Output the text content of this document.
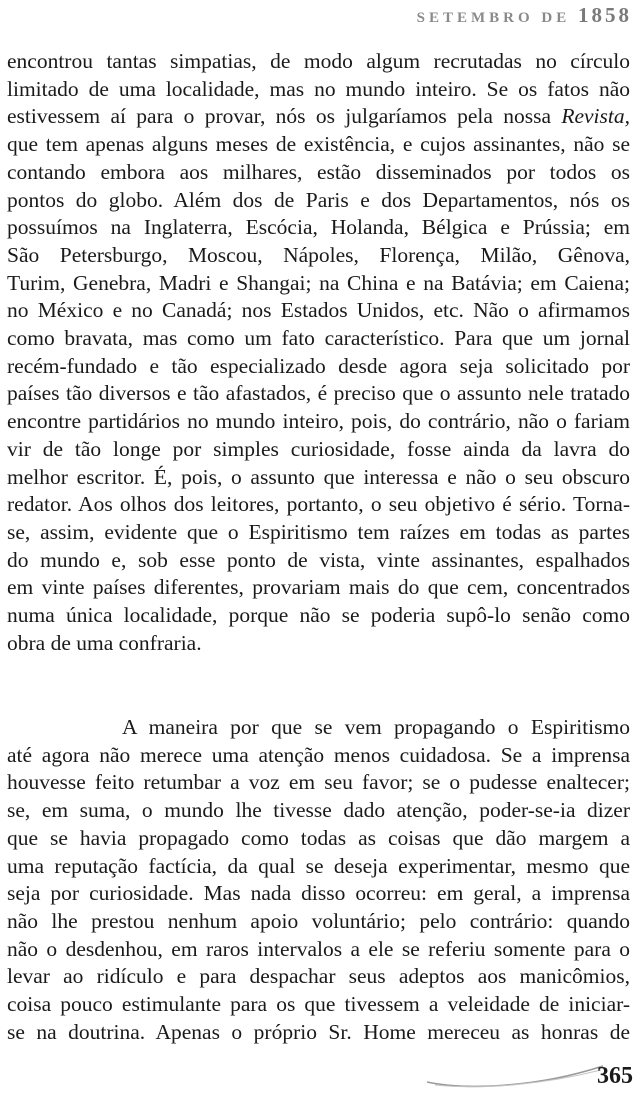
SETEMBRO DE 1858
encontrou tantas simpatias, de modo algum recrutadas no círculo
limitado de uma localidade, mas no mundo inteiro. Se os fatos não
estivessem aí para o provar, nós os julgaríamos pela nossa Revista,
que tem apenas alguns meses de existência, e cujos assinantes, não se
contando embora aos milhares, estão disseminados por todos os
pontos do globo. Além dos de Paris e dos Departamentos, nós os
possuímos na Inglaterra, Escócia, Holanda, Bélgica e Prússia; em
São Petersburgo, Moscou, Nápoles, Florença, Milão, Gênova,
Turim, Genebra, Madri e Shangai; na China e na Batávia; em Caiena;
no México e no Canadá; nos Estados Unidos, etc. Não o afirmamos
como bravata, mas como um fato característico. Para que um jornal
recém-fundado e tão especializado desde agora seja solicitado por
países tão diversos e tão afastados, é preciso que o assunto nele tratado
encontre partidários no mundo inteiro, pois, do contrário, não o fariam
vir de tão longe por simples curiosidade, fosse ainda da lavra do
melhor escritor. É, pois, o assunto que interessa e não o seu obscuro
redator. Aos olhos dos leitores, portanto, o seu objetivo é sério. Torna-
se, assim, evidente que o Espiritismo tem raízes em todas as partes
do mundo e, sob esse ponto de vista, vinte assinantes, espalhados
em vinte países diferentes, provariam mais do que cem, concentrados
numa única localidade, porque não se poderia supô-lo senão como
obra de uma confraria.
A maneira por que se vem propagando o Espiritismo
até agora não merece uma atenção menos cuidadosa. Se a imprensa
houvesse feito retumbar a voz em seu favor; se o pudesse enaltecer;
se, em suma, o mundo lhe tivesse dado atenção, poder-se-ia dizer
que se havia propagado como todas as coisas que dão margem a
uma reputação factícia, da qual se deseja experimentar, mesmo que
seja por curiosidade. Mas nada disso ocorreu: em geral, a imprensa
não lhe prestou nenhum apoio voluntário; pelo contrário: quando
não o desdenhou, em raros intervalos a ele se referiu somente para o
levar ao ridículo e para despachar seus adeptos aos manicômios,
coisa pouco estimulante para os que tivessem a veleidade de iniciar-
se na doutrina. Apenas o próprio Sr. Home mereceu as honras de
365
